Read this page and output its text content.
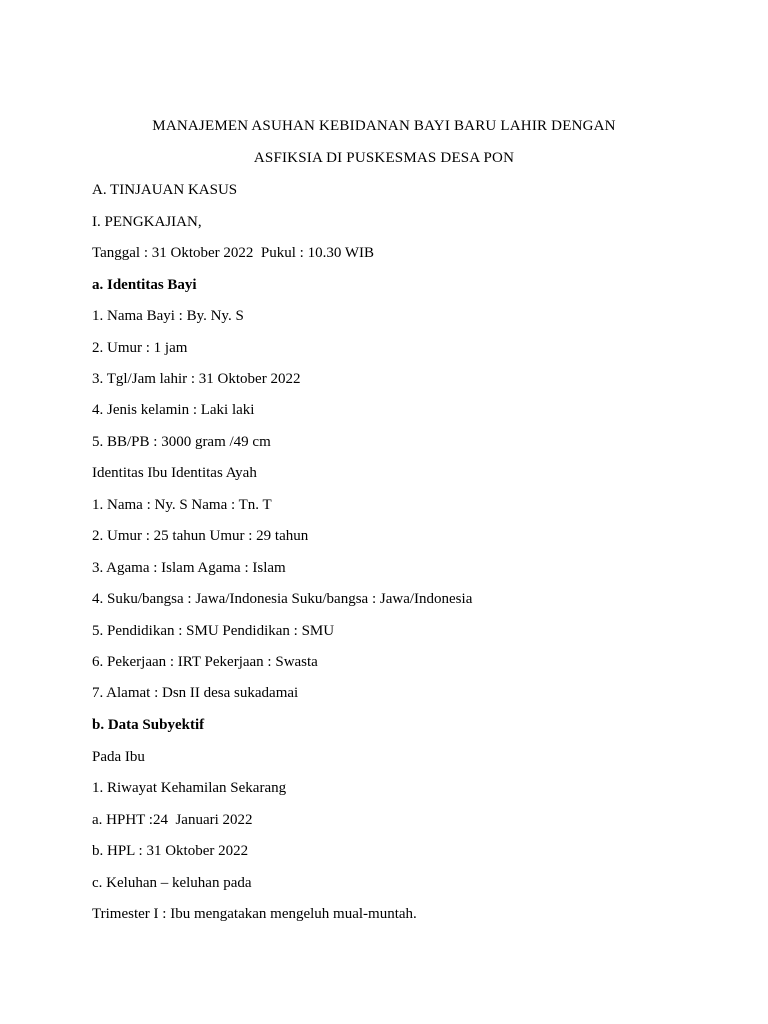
MANAJEMEN ASUHAN KEBIDANAN BAYI BARU LAHIR DENGAN
ASFIKSIA DI PUSKESMAS DESA PON
A. TINJAUAN KASUS
I. PENGKAJIAN,
Tanggal : 31 Oktober 2022  Pukul : 10.30 WIB
a. Identitas Bayi
1. Nama Bayi : By. Ny. S
2. Umur : 1 jam
3. Tgl/Jam lahir : 31 Oktober 2022
4. Jenis kelamin : Laki laki
5. BB/PB : 3000 gram /49 cm
Identitas Ibu Identitas Ayah
1. Nama : Ny. S Nama : Tn. T
2. Umur : 25 tahun Umur : 29 tahun
3. Agama : Islam Agama : Islam
4. Suku/bangsa : Jawa/Indonesia Suku/bangsa : Jawa/Indonesia
5. Pendidikan : SMU Pendidikan : SMU
6. Pekerjaan : IRT Pekerjaan : Swasta
7. Alamat : Dsn II desa sukadamai
b. Data Subyektif
Pada Ibu
1. Riwayat Kehamilan Sekarang
a. HPHT :24  Januari 2022
b. HPL : 31 Oktober 2022
c. Keluhan – keluhan pada
Trimester I : Ibu mengatakan mengeluh mual-muntah.
